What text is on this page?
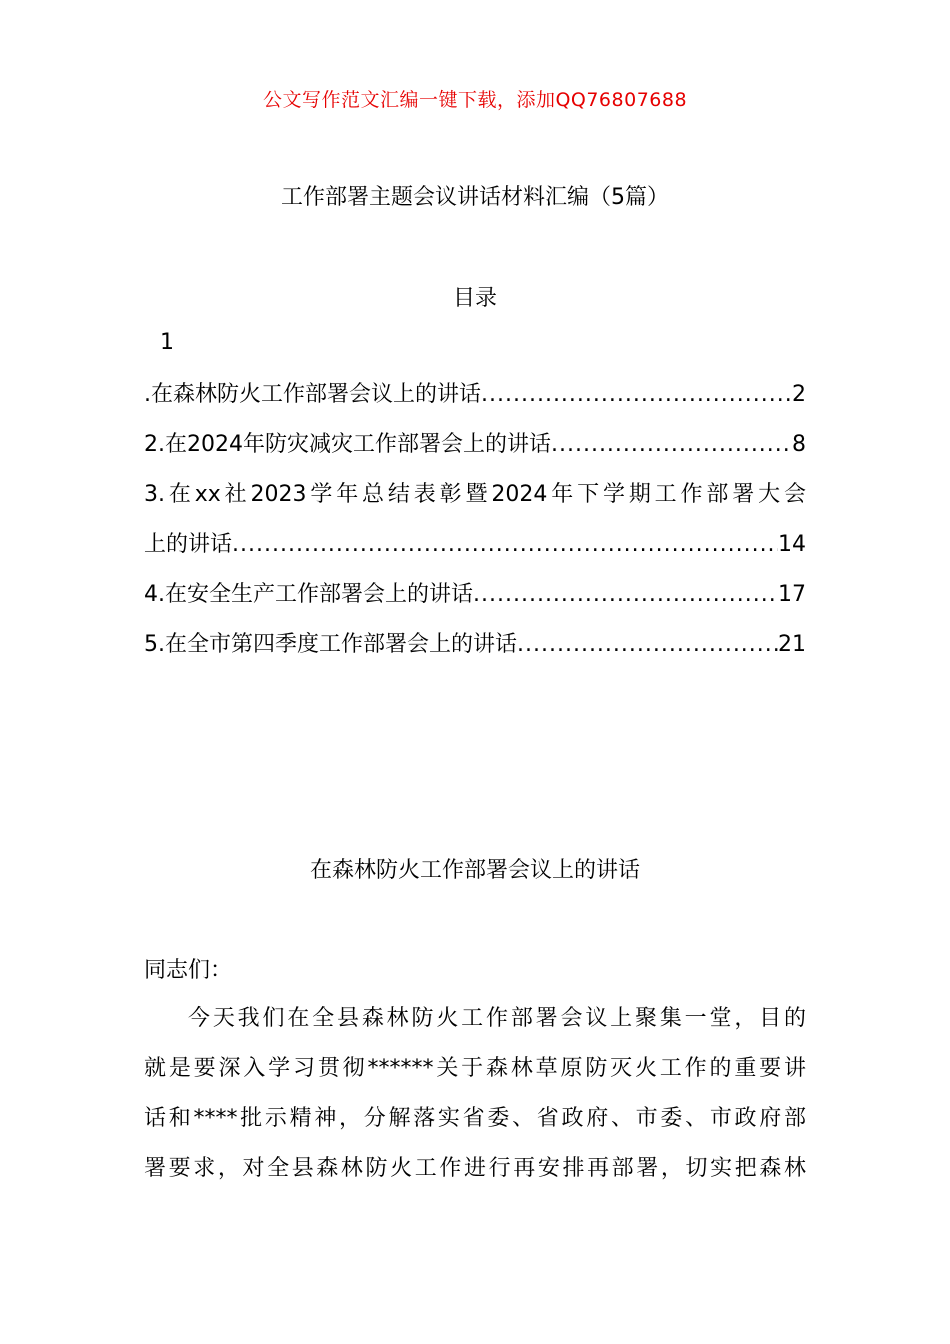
公文写作范文汇编一键下载，添加QQ76807688
工作部署主题会议讲话材料汇编（5篇）
目录
1
.在森林防火工作部署会议上的讲话 .....	2
2.在2024年防灾减灾工作部署会上的讲话 .....	8
3.在xx社2023学年总结表彰暨2024年下学期工作部署大会
上的讲话 .....	14
4.在安全生产工作部署会上的讲话 .....	17
5.在全市第四季度工作部署会上的讲话 .....	21
在森林防火工作部署会议上的讲话
同志们：
今天我们在全县森林防火工作部署会议上聚集一堂，目的
就是要深入学习贯彻******关于森林草原防灭火工作的重要讲
话和****批示精神，分解落实省委、省政府、市委、市政府部
署要求，对全县森林防火工作进行再安排再部署，切实把森林
